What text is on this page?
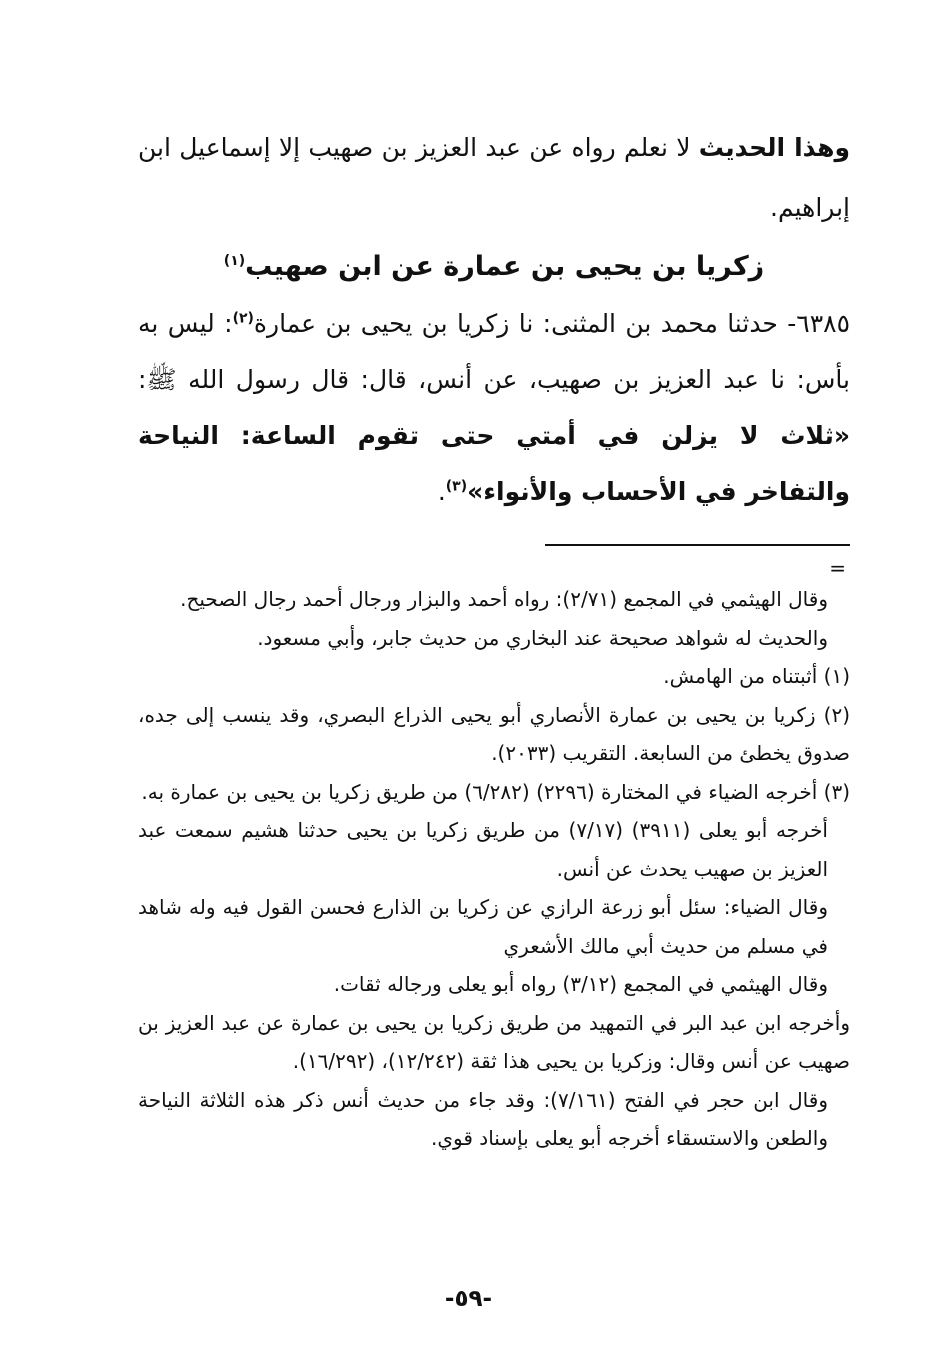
وهذا الحديث لا نعلم رواه عن عبد العزيز بن صهيب إلا إسماعيل ابن إبراهيم.

زكريا بن يحيى بن عمارة عن ابن صهيب$^{(١)}$

٦٣٨٥- حدثنا محمد بن المثنى: نا زكريا بن يحيى بن عمارة$^{(٢)}$: ليس به بأس: نا عبد العزيز بن صهيب، عن أنس، قال: قال رسول الله ﷺ: «ثلاث لا يزلن في أمتي حتى تقوم الساعة: النياحة والتفاخر في الأحساب والأنواء»$^{(٣)}$.

=

وقال الهيثمي في المجمع (٢/٧١): رواه أحمد والبزار ورجال أحمد رجال الصحيح.

والحديث له شواهد صحيحة عند البخاري من حديث جابر، وأبي مسعود.

(١) أثبتناه من الهامش.

(٢) زكريا بن يحيى بن عمارة الأنصاري أبو يحيى الذراع البصري، وقد ينسب إلى جده، صدوق يخطئ من السابعة. التقريب (٢٠٣٣).

(٣) أخرجه الضياء في المختارة (٢٢٩٦) (٦/٢٨٢) من طريق زكريا بن يحيى بن عمارة به.

أخرجه أبو يعلى (٣٩١١) (٧/١٧) من طريق زكريا بن يحيى حدثنا هشيم سمعت عبد العزيز بن صهيب يحدث عن أنس.

وقال الضياء: سئل أبو زرعة الرازي عن زكريا بن الذارع فحسن القول فيه وله شاهد في مسلم من حديث أبي مالك الأشعري

وقال الهيثمي في المجمع (٣/١٢) رواه أبو يعلى ورجاله ثقات.

وأخرجه ابن عبد البر في التمهيد من طريق زكريا بن يحيى بن عمارة عن عبد العزيز بن صهيب عن أنس وقال: وزكريا بن يحيى هذا ثقة (١٢/٢٤٢)، (١٦/٢٩٢).

وقال ابن حجر في الفتح (٧/١٦١): وقد جاء من حديث أنس ذكر هذه الثلاثة النياحة والطعن والاستسقاء أخرجه أبو يعلى بإسناد قوي.

-٥٩-
